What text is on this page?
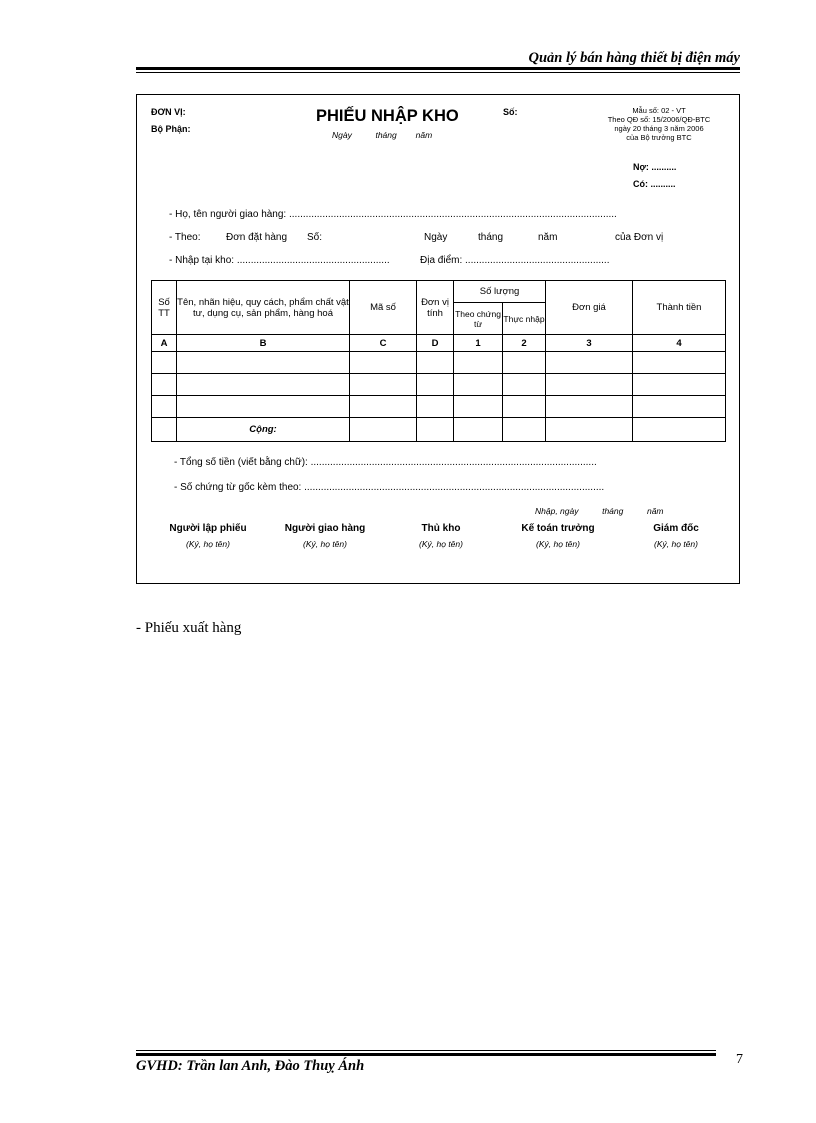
Quản lý bán hàng thiết bị điện máy
ĐƠN VỊ:
Bộ Phận:
PHIẾU NHẬP KHO	Số:
Ngày          tháng        năm
Mẫu số: 02 - VT
Theo QĐ số: 15/2006/QĐ-BTC
ngày 20 tháng 3 năm 2006
của Bộ trưởng BTC
Nợ: ..........
Có: ..........
- Họ, tên người giao hàng: ......................................................................................................................
- Theo:	Đơn đặt hàng Số:	Ngày	tháng	năm	của Đơn vị
- Nhập tại kho: .......................................................	Địa điểm: ....................................................
Số TT	Tên, nhãn hiệu, quy cách, phẩm chất vật tư, dụng cụ, sản phẩm, hàng hoá	Mã số	Đơn vị tính	Số lượng		Đơn giá	Thành tiền
				Theo chứng từ	Thực nhập		
A	B	C	D	1	2	3	4

	Cộng:						
- Tổng số tiền (viết bằng chữ): .......................................................................................................
- Số chứng từ gốc kèm theo: ............................................................................................................
Nhập, ngày          tháng          năm
Người lập phiếu
(Ký, họ tên)
Người giao hàng
(Ký, họ tên)
Thủ kho
(Ký, họ tên)
Kế toán trưởng
(Ký, họ tên)
Giám đốc
(Ký, họ tên)
- Phiếu xuất hàng
GVHD: Trần lan Anh, Đào Thuỵ Ánh	7
